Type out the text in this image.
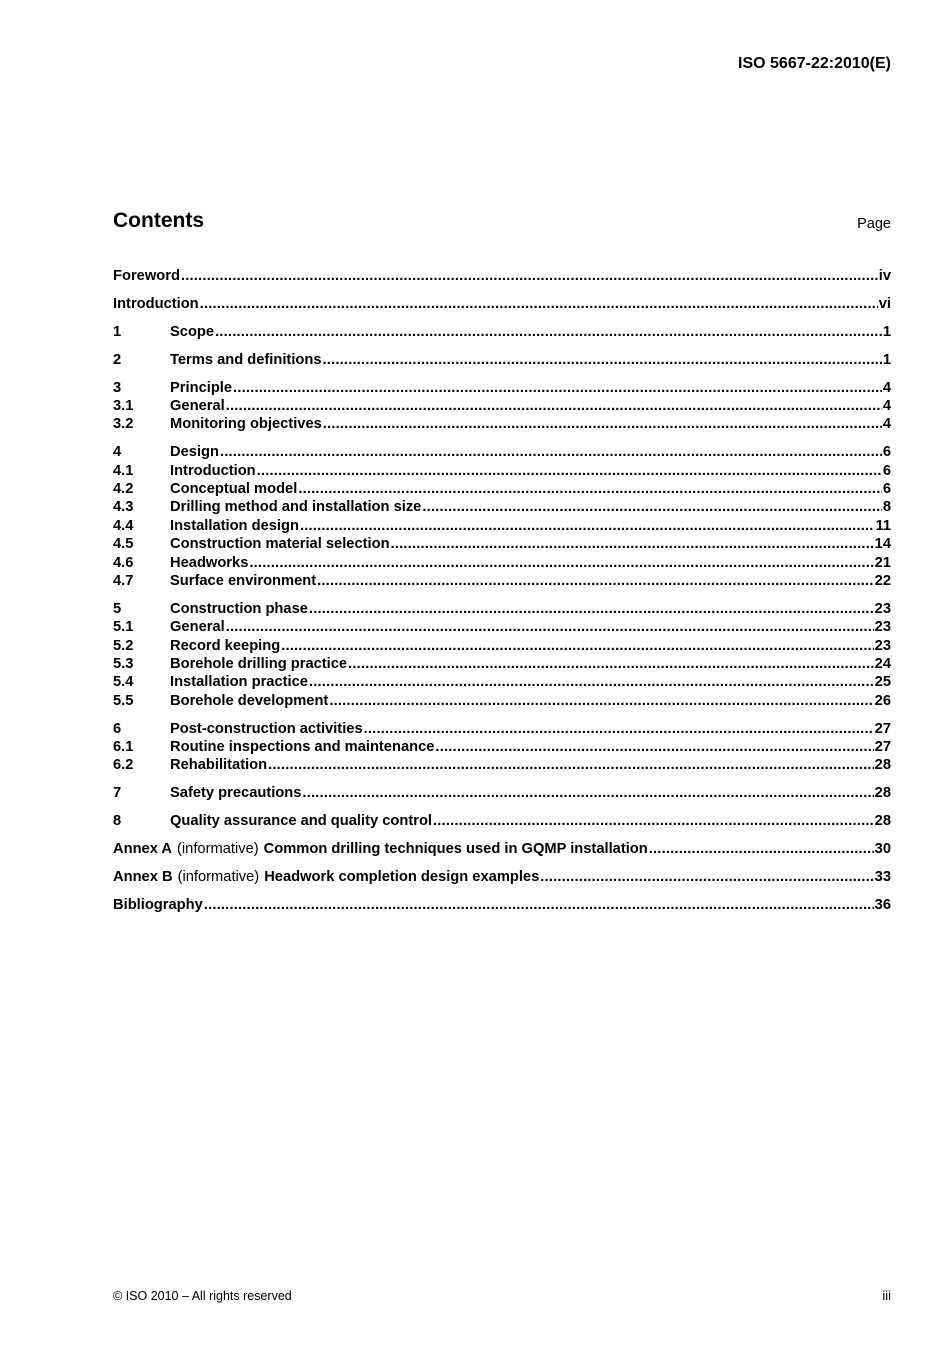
ISO 5667-22:2010(E)
Contents	Page
Foreword .....	iv
Introduction .....	vi
1	Scope .....	1
2	Terms and definitions .....	1
3	Principle .....	4
3.1	General .....	4
3.2	Monitoring objectives .....	4
4	Design .....	6
4.1	Introduction .....	6
4.2	Conceptual model .....	6
4.3	Drilling method and installation size .....	8
4.4	Installation design .....	11
4.5	Construction material selection .....	14
4.6	Headworks .....	21
4.7	Surface environment .....	22
5	Construction phase .....	23
5.1	General .....	23
5.2	Record keeping .....	23
5.3	Borehole drilling practice .....	24
5.4	Installation practice .....	25
5.5	Borehole development .....	26
6	Post-construction activities .....	27
6.1	Routine inspections and maintenance .....	27
6.2	Rehabilitation .....	28
7	Safety precautions .....	28
8	Quality assurance and quality control .....	28
Annex A (informative) Common drilling techniques used in GQMP installation .....	30
Annex B (informative) Headwork completion design examples .....	33
Bibliography .....	36
© ISO 2010 – All rights reserved	iii
